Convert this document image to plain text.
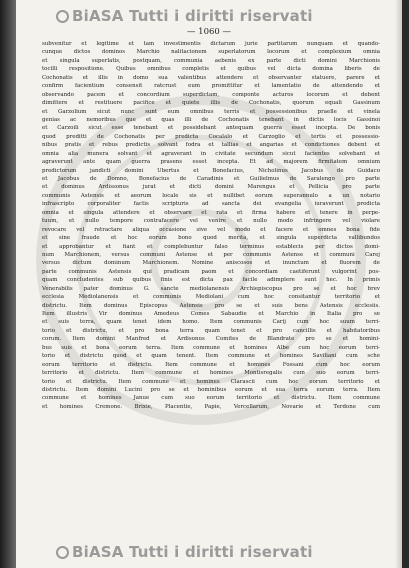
BiASA Tutti i diritti riservati
— 1060 —
subvenitur et legitime et tam investimentis dictarum jurie partitarum nunquam et quando-
cunque dictos dominos Marchio nalitacionem superlatorum locorum et complexium omnia
et singula superlatis, postquam, communia aebenis ex parte dicti domini Marchionis
tocilli respositione. Quibus omnibus completis et quibus vel dicta domina liberis de
Cochonatis et illis in domo sua valentibus attendere et observanter statuere, parere et
confirm facientium consensit ratcrust eum promittitur et lamentatio de attendendo et
observando pacem et concordium superdictam, componte acturos locorum et debent
dimittere et restituere pacifice et quiete illis de Cochonatis, quorum equali Gassinum
et Garzolium sicut nunc sunt eum omnibus terris et possessionibus praelle et vinela
genias ac nemoribus que et quas illi de Cochonatis tenebant in dictis locis Gassinoi
et Carzoili sicut esse tenebant et possidebant antequam guerra esset incepta. De bonis
quod preditti de Cochonatis per predicta Cocalalo et Carzoglio et tertis et possessio-
nibus pratis et rebus predictis solvant fodra et tallias et angarias et condictiones debent et
omnia alia munera solvant et agraverant in civitate secundum sicut facientes solvebant et
agraverunt ante quam guerra prasens esset incepta. Et ad majorem firmitatem omnium
predictorum jandicti domini Ubertus et Bonefacius, Nicholinus Jacobus de Guidaco
et Jacobus de Domno, Bonefacius de Caradinis et Guilielmus de Saralengo pro parte
et dominus Ardissonus jurat et dicti domini Marengus et Pellicia pro parte
communis Astensis et aeorum locale sis et nullibet eorum superannulo a un notario
infrascripto corporaliter factis scripturis ad sancta dei evangelia iuraverunt predicta
omnia et singula attendere et observare et rata et firma habere et tenere in perpe-
tuum, et nullo tempore contrafacere vel venire et nullo modo infringere vel violare
revocare vel retractare aliqua occasione sive vel modo et facere et omnes bona fide
et sine fraude et hoc eorum bono quod merita, et singula superdicta vallibundos
et approbantur et fiant et complebuntur falso terminus establecis per dictos domi-
num Marchionem, versus communi Astense et per communis Astense et communi Carej
versus dictum dominum Marchionem. Nomine aniscosos et inunctum et fluorem de
parte communis Astensis qui pradicam paom et concordiam caetiferunt vulgorint pos-
quam concludentes sub quibus finis est dicta pax facile adimplere sunt hec. In primis
Venerabilis pater dominus G. sancte mediolanensis Archiepiscopus pro se et hoc brev
ecclesia Mediolanensis et communis Mediolani cum hoc consitantur territorio et
districtu. Item dominus Episcopus Astensis pro se et suis bens Astensis ecclesiis.
Item illustris Vir dominus Amedeus Comes Sabaudie et Marchio in Italia pro se
et suis terra, quam tenet idem homo. Item communis Carij cum hoc suum terri-
torio et districtu, et pro bona terra quam tenet et pro cancillis et habitatoribus
corum. Item domini Manfred et Ardisonus Comites de Blandrate pro se et homini-
bus suis et bona eorum terra. Item commune et homines Albe cum hoc eorum terri-
torio et districtu quod et quam tenent. Item commune et homines Saviliani cum sche
eorum territorio et districtu. Item commune et homines Fossani cum hoc eorum
territorio et districtu. Item commune et homines Montisregalis cum suo eorum terri-
torio et districtu. Item commune et homines Clarascii cum hoc eorum territorio et
districtu. Item domini Lucini pro se et hominibus eorum et sua terra eorum terra. Item
commune et homines Janue cum suo eorum territorio et districtu. Item commune
et homines Cremone. Brixie, Placentie, Papie, Vercellarum, Novarie et Terdone cum
BiASA Tutti i diritti riservati
